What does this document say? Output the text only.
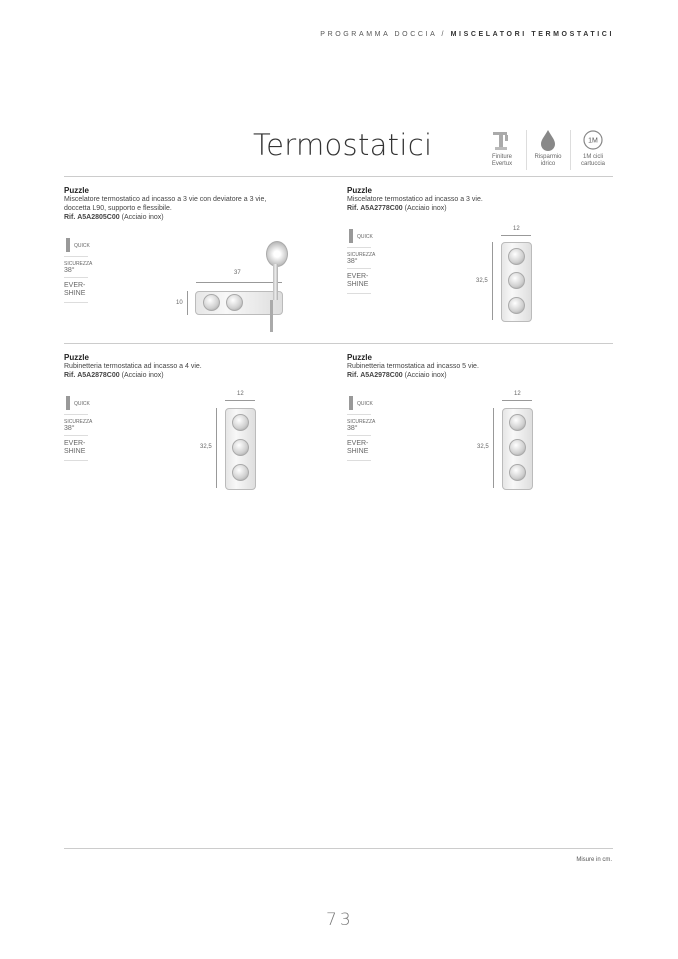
PROGRAMMA DOCCIA / MISCELATORI TERMOSTATICI
Termostatici	Finiture
Evertux
Risparmio
idrico
1M
1M cicli
cartuccia
Puzzle
Miscelatore termostatico ad incasso a 3 vie con deviatore a 3 vie,
doccetta L90, supporto e flessibile.
Rif. A5A2805C00 (Acciaio inox)
QUICK
SICUREZZA
38°
EVER-
SHINE
37
10
Puzzle
Miscelatore termostatico ad incasso a 3 vie.
Rif. A5A2778C00 (Acciaio inox)
QUICK
SICUREZZA
38°
EVER-
SHINE
12
32,5
Puzzle
Rubinetteria termostatica ad incasso a 4 vie.
Rif. A5A2878C00 (Acciaio inox)
QUICK
SICUREZZA
38°
EVER-
SHINE
12
32,5
Puzzle
Rubinetteria termostatica ad incasso 5 vie.
Rif. A5A2978C00 (Acciaio inox)
QUICK
SICUREZZA
38°
EVER-
SHINE
12
32,5
Misure in cm.
73
